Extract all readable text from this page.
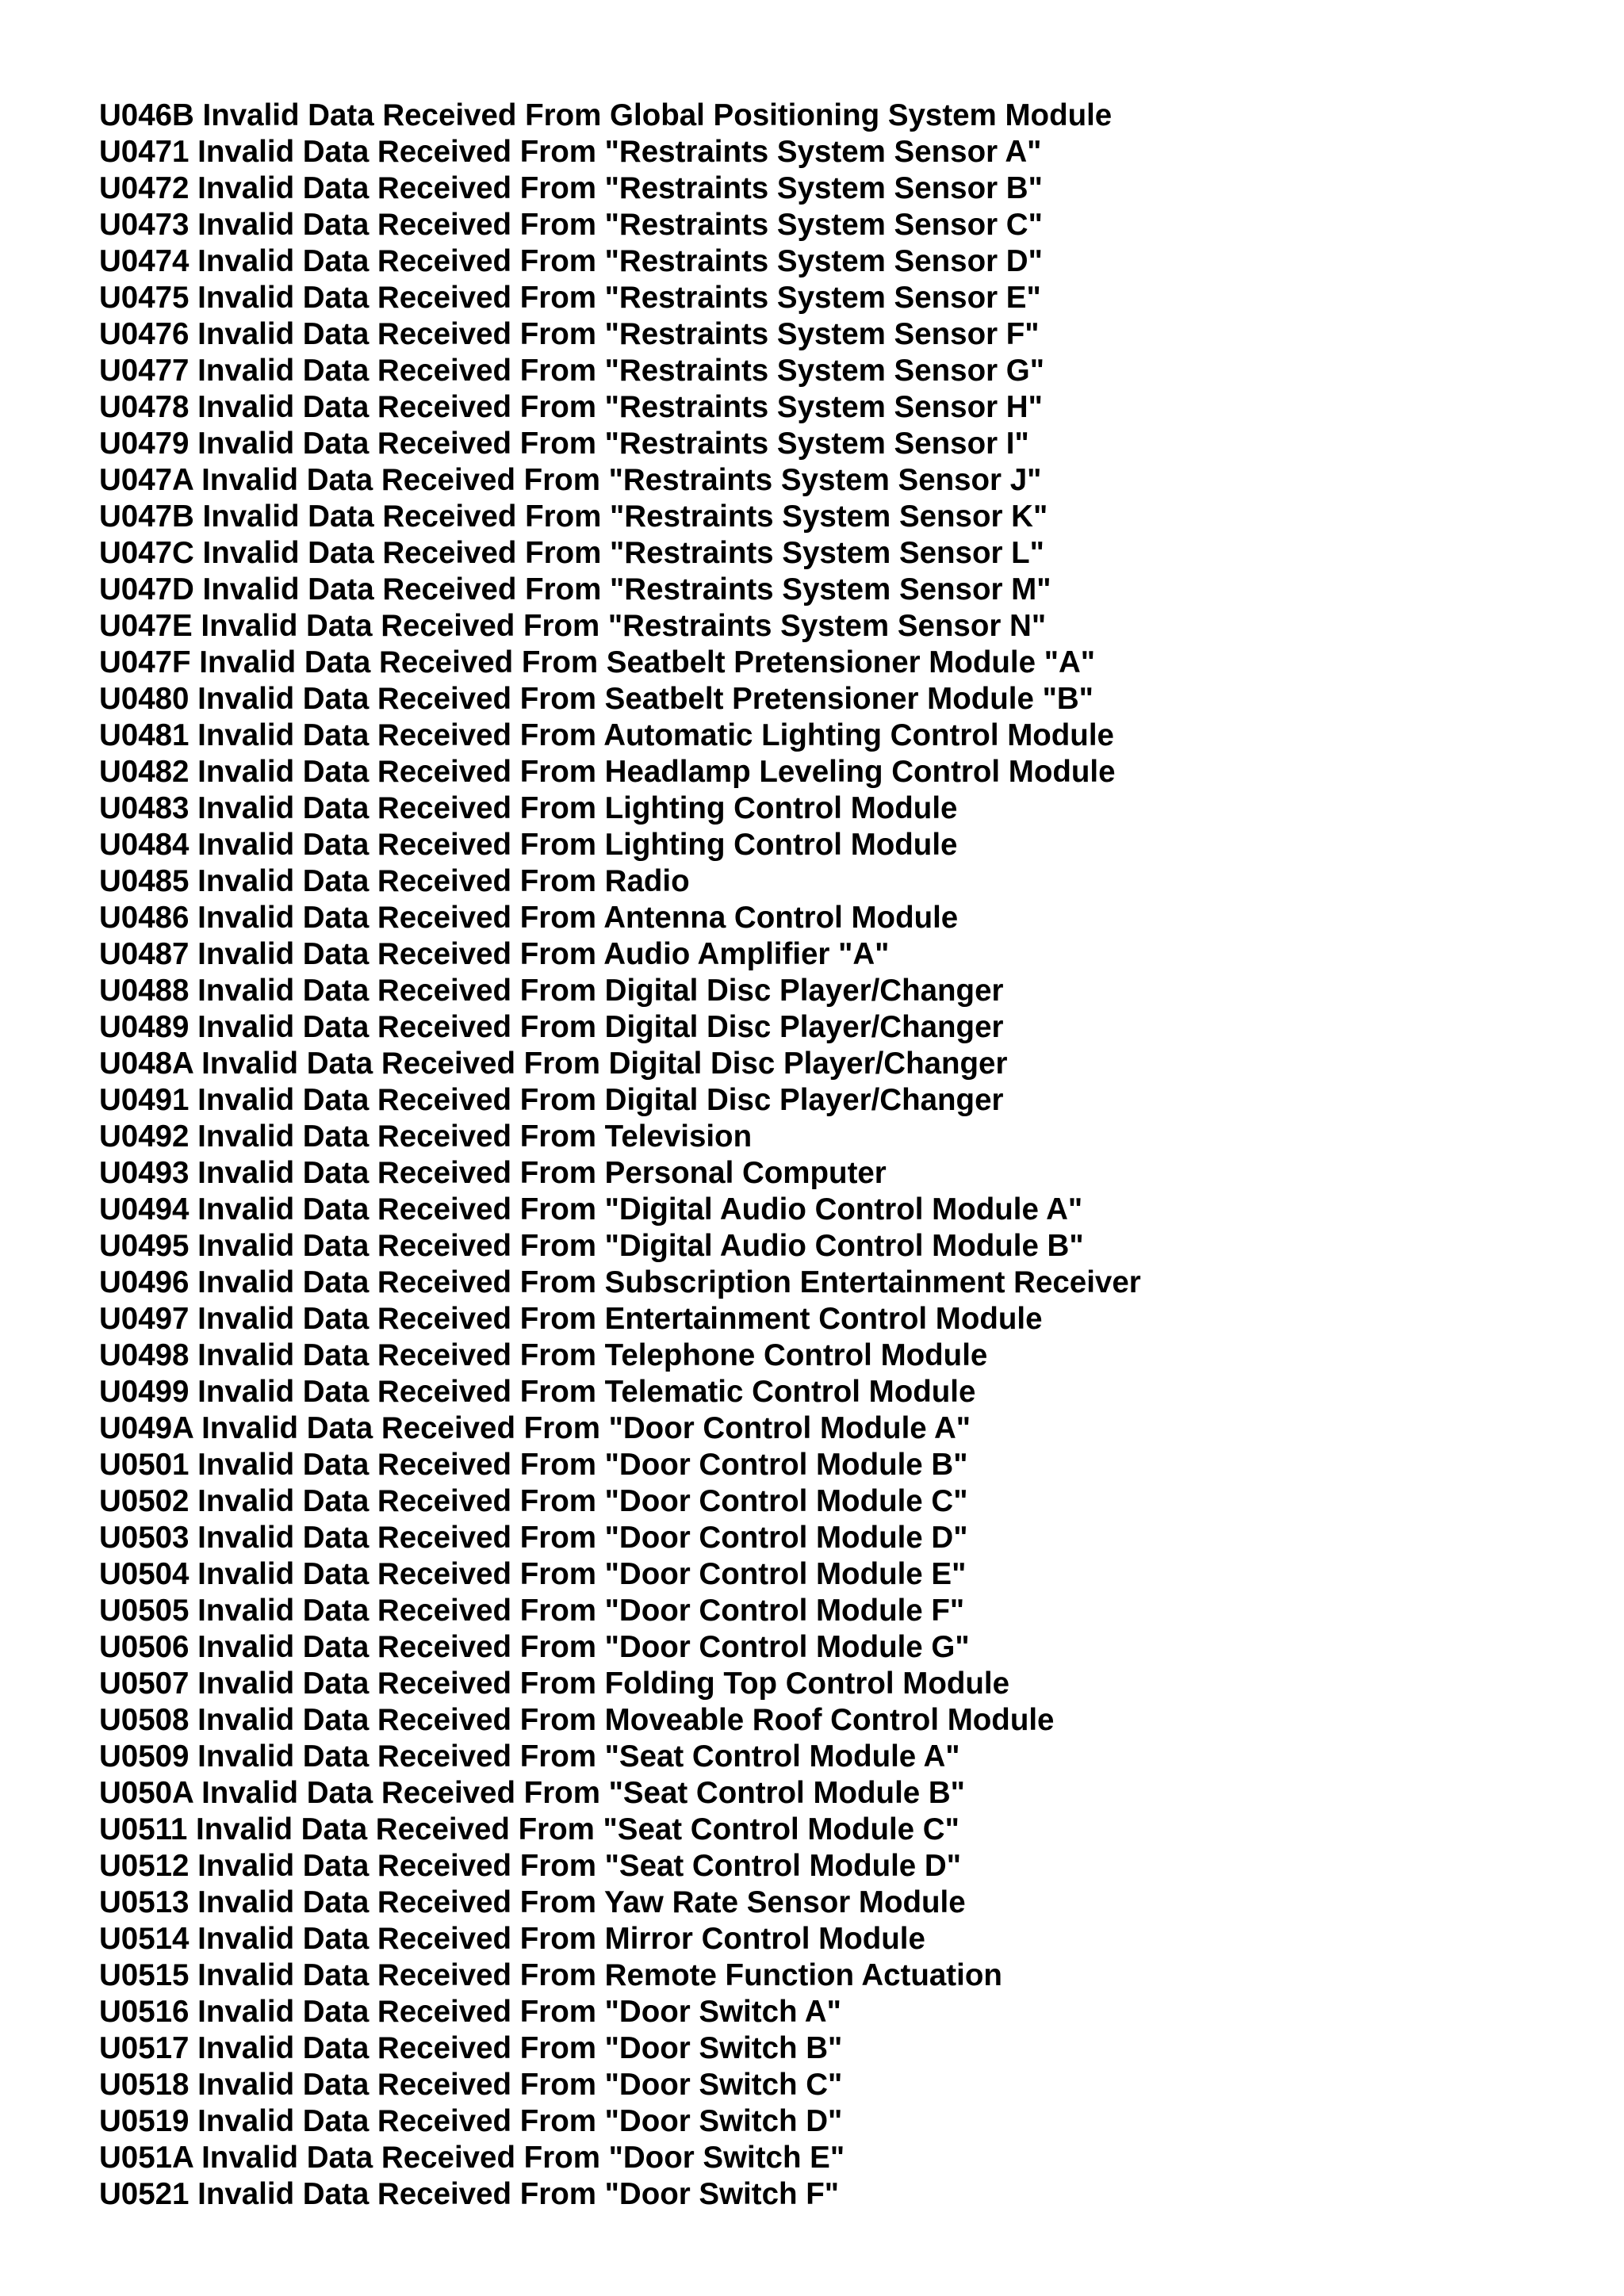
U046B Invalid Data Received From Global Positioning System Module
U0471 Invalid Data Received From "Restraints System Sensor A"
U0472 Invalid Data Received From "Restraints System Sensor B"
U0473 Invalid Data Received From "Restraints System Sensor C"
U0474 Invalid Data Received From "Restraints System Sensor D"
U0475 Invalid Data Received From "Restraints System Sensor E"
U0476 Invalid Data Received From "Restraints System Sensor F"
U0477 Invalid Data Received From "Restraints System Sensor G"
U0478 Invalid Data Received From "Restraints System Sensor H"
U0479 Invalid Data Received From "Restraints System Sensor I"
U047A Invalid Data Received From "Restraints System Sensor J"
U047B Invalid Data Received From "Restraints System Sensor K"
U047C Invalid Data Received From "Restraints System Sensor L"
U047D Invalid Data Received From "Restraints System Sensor M"
U047E Invalid Data Received From "Restraints System Sensor N"
U047F Invalid Data Received From Seatbelt Pretensioner Module "A"
U0480 Invalid Data Received From Seatbelt Pretensioner Module "B"
U0481 Invalid Data Received From Automatic Lighting Control Module
U0482 Invalid Data Received From Headlamp Leveling Control Module
U0483 Invalid Data Received From Lighting Control Module
U0484 Invalid Data Received From Lighting Control Module
U0485 Invalid Data Received From Radio
U0486 Invalid Data Received From Antenna Control Module
U0487 Invalid Data Received From Audio Amplifier "A"
U0488 Invalid Data Received From Digital Disc Player/Changer
U0489 Invalid Data Received From Digital Disc Player/Changer
U048A Invalid Data Received From Digital Disc Player/Changer
U0491 Invalid Data Received From Digital Disc Player/Changer
U0492 Invalid Data Received From Television
U0493 Invalid Data Received From Personal Computer
U0494 Invalid Data Received From "Digital Audio Control Module A"
U0495 Invalid Data Received From "Digital Audio Control Module B"
U0496 Invalid Data Received From Subscription Entertainment Receiver
U0497 Invalid Data Received From Entertainment Control Module
U0498 Invalid Data Received From Telephone Control Module
U0499 Invalid Data Received From Telematic Control Module
U049A Invalid Data Received From "Door Control Module A"
U0501 Invalid Data Received From "Door Control Module B"
U0502 Invalid Data Received From "Door Control Module C"
U0503 Invalid Data Received From "Door Control Module D"
U0504 Invalid Data Received From "Door Control Module E"
U0505 Invalid Data Received From "Door Control Module F"
U0506 Invalid Data Received From "Door Control Module G"
U0507 Invalid Data Received From Folding Top Control Module
U0508 Invalid Data Received From Moveable Roof Control Module
U0509 Invalid Data Received From "Seat Control Module A"
U050A Invalid Data Received From "Seat Control Module B"
U0511 Invalid Data Received From "Seat Control Module C"
U0512 Invalid Data Received From "Seat Control Module D"
U0513 Invalid Data Received From Yaw Rate Sensor Module
U0514 Invalid Data Received From Mirror Control Module
U0515 Invalid Data Received From Remote Function Actuation
U0516 Invalid Data Received From "Door Switch A"
U0517 Invalid Data Received From "Door Switch B"
U0518 Invalid Data Received From "Door Switch C"
U0519 Invalid Data Received From "Door Switch D"
U051A Invalid Data Received From "Door Switch E"
U0521 Invalid Data Received From "Door Switch F"
